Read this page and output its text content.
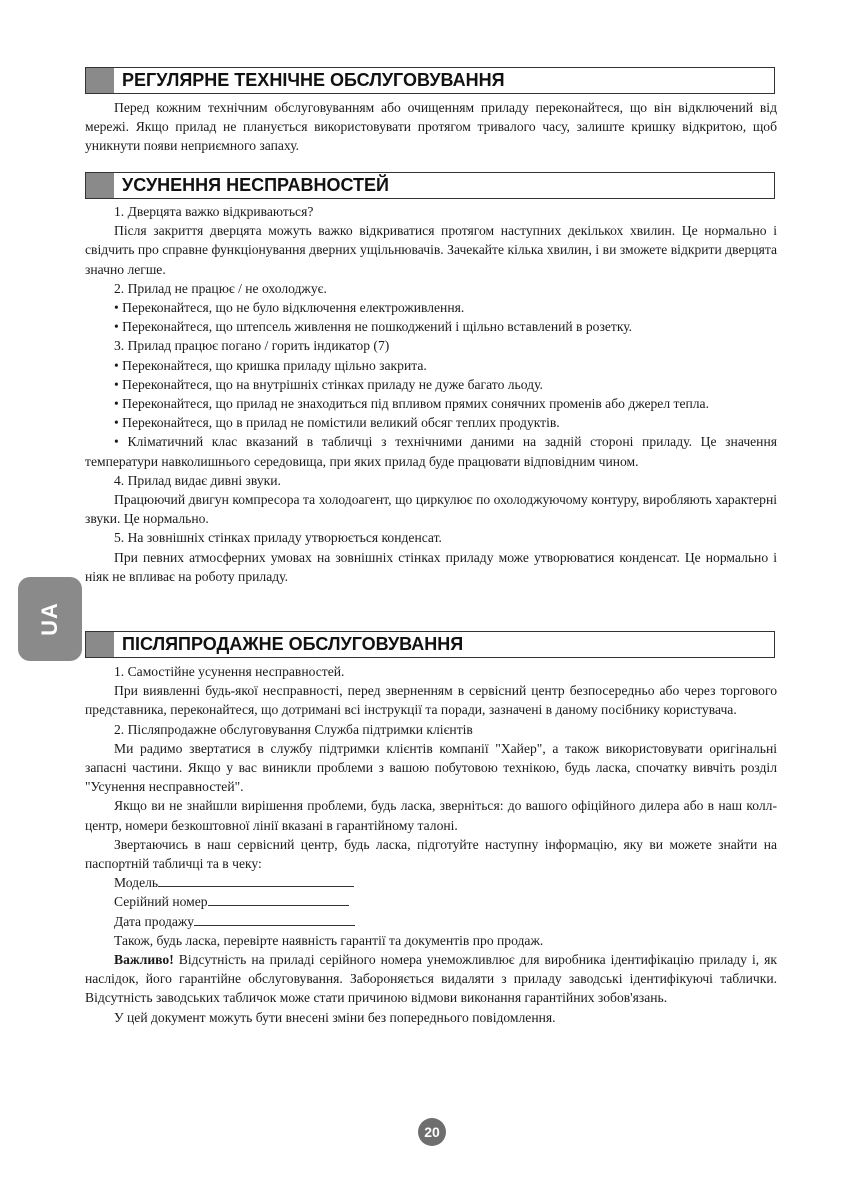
UA
РЕГУЛЯРНЕ ТЕХНІЧНЕ ОБСЛУГОВУВАННЯ

Перед кожним технічним обслуговуванням або очищенням приладу переконайтеся, що він відключений від мережі. Якщо прилад не планується використовувати протягом тривалого часу, залиште кришку відкритою, щоб уникнути появи неприємного запаху.

УСУНЕННЯ НЕСПРАВНОСТЕЙ

1. Дверцята важко відкриваються?

Після закриття дверцята можуть важко відкриватися протягом наступних декількох хвилин. Це нормально і свідчить про справне функціонування дверних ущільнювачів. Зачекайте кілька хвилин, і ви зможете відкрити дверцята значно легше.

2. Прилад не працює / не охолоджує.

• Переконайтеся, що не було відключення електроживлення.

• Переконайтеся, що штепсель живлення не пошкоджений і щільно вставлений в розетку.

3. Прилад працює погано / горить індикатор (7)

• Переконайтеся, що кришка приладу щільно закрита.

• Переконайтеся, що на внутрішніх стінках приладу не дуже багато льоду.

• Переконайтеся, що прилад не знаходиться під впливом прямих сонячних променів або джерел тепла.

• Переконайтеся, що в прилад не помістили великий обсяг теплих продуктів.

• Кліматичний клас вказаний в табличці з технічними даними на задній стороні приладу. Це значення температури навколишнього середовища, при яких прилад буде працювати відповідним чином.

4. Прилад видає дивні звуки.

Працюючий двигун компресора та холодоагент, що циркулює по охолоджуючому контуру, виробляють характерні звуки. Це нормально.

5. На зовнішніх стінках приладу утворюється конденсат.

При певних атмосферних умовах на зовнішніх стінках приладу може утворюватися конденсат. Це нормально і ніяк не впливає на роботу приладу.

ПІСЛЯПРОДАЖНЕ ОБСЛУГОВУВАННЯ

1. Самостійне усунення несправностей.

При виявленні будь-якої несправності, перед зверненням в сервісний центр безпосередньо або через торгового представника, переконайтеся, що дотримані всі інструкції та поради, зазначені в даному посібнику користувача.

2. Післяпродажне обслуговування Служба підтримки клієнтів

Ми радимо звертатися в службу підтримки клієнтів компанії "Хайер", а також використовувати оригінальні запасні частини. Якщо у вас виникли проблеми з вашою побутовою технікою, будь ласка, спочатку вивчіть розділ "Усунення несправностей".

Якщо ви не знайшли вирішення проблеми, будь ласка, зверніться: до вашого офіційного дилера або в наш колл-центр, номери безкоштовної лінії вказані в гарантійному талоні.

Звертаючись в наш сервісний центр, будь ласка, підготуйте наступну інформацію, яку ви можете знайти на паспортній табличці та в чеку:

Модель

Серійний номер

Дата продажу

Також, будь ласка, перевірте наявність гарантії та документів про продаж.

Важливо! Відсутність на приладі серійного номера унеможливлює для виробника ідентифікацію приладу і, як наслідок, його гарантійне обслуговування. Забороняється видаляти з приладу заводські ідентифікуючі таблички. Відсутність заводських табличок може стати причиною відмови виконання гарантійних зобов'язань.

У цей документ можуть бути внесені зміни без попереднього повідомлення.

20
